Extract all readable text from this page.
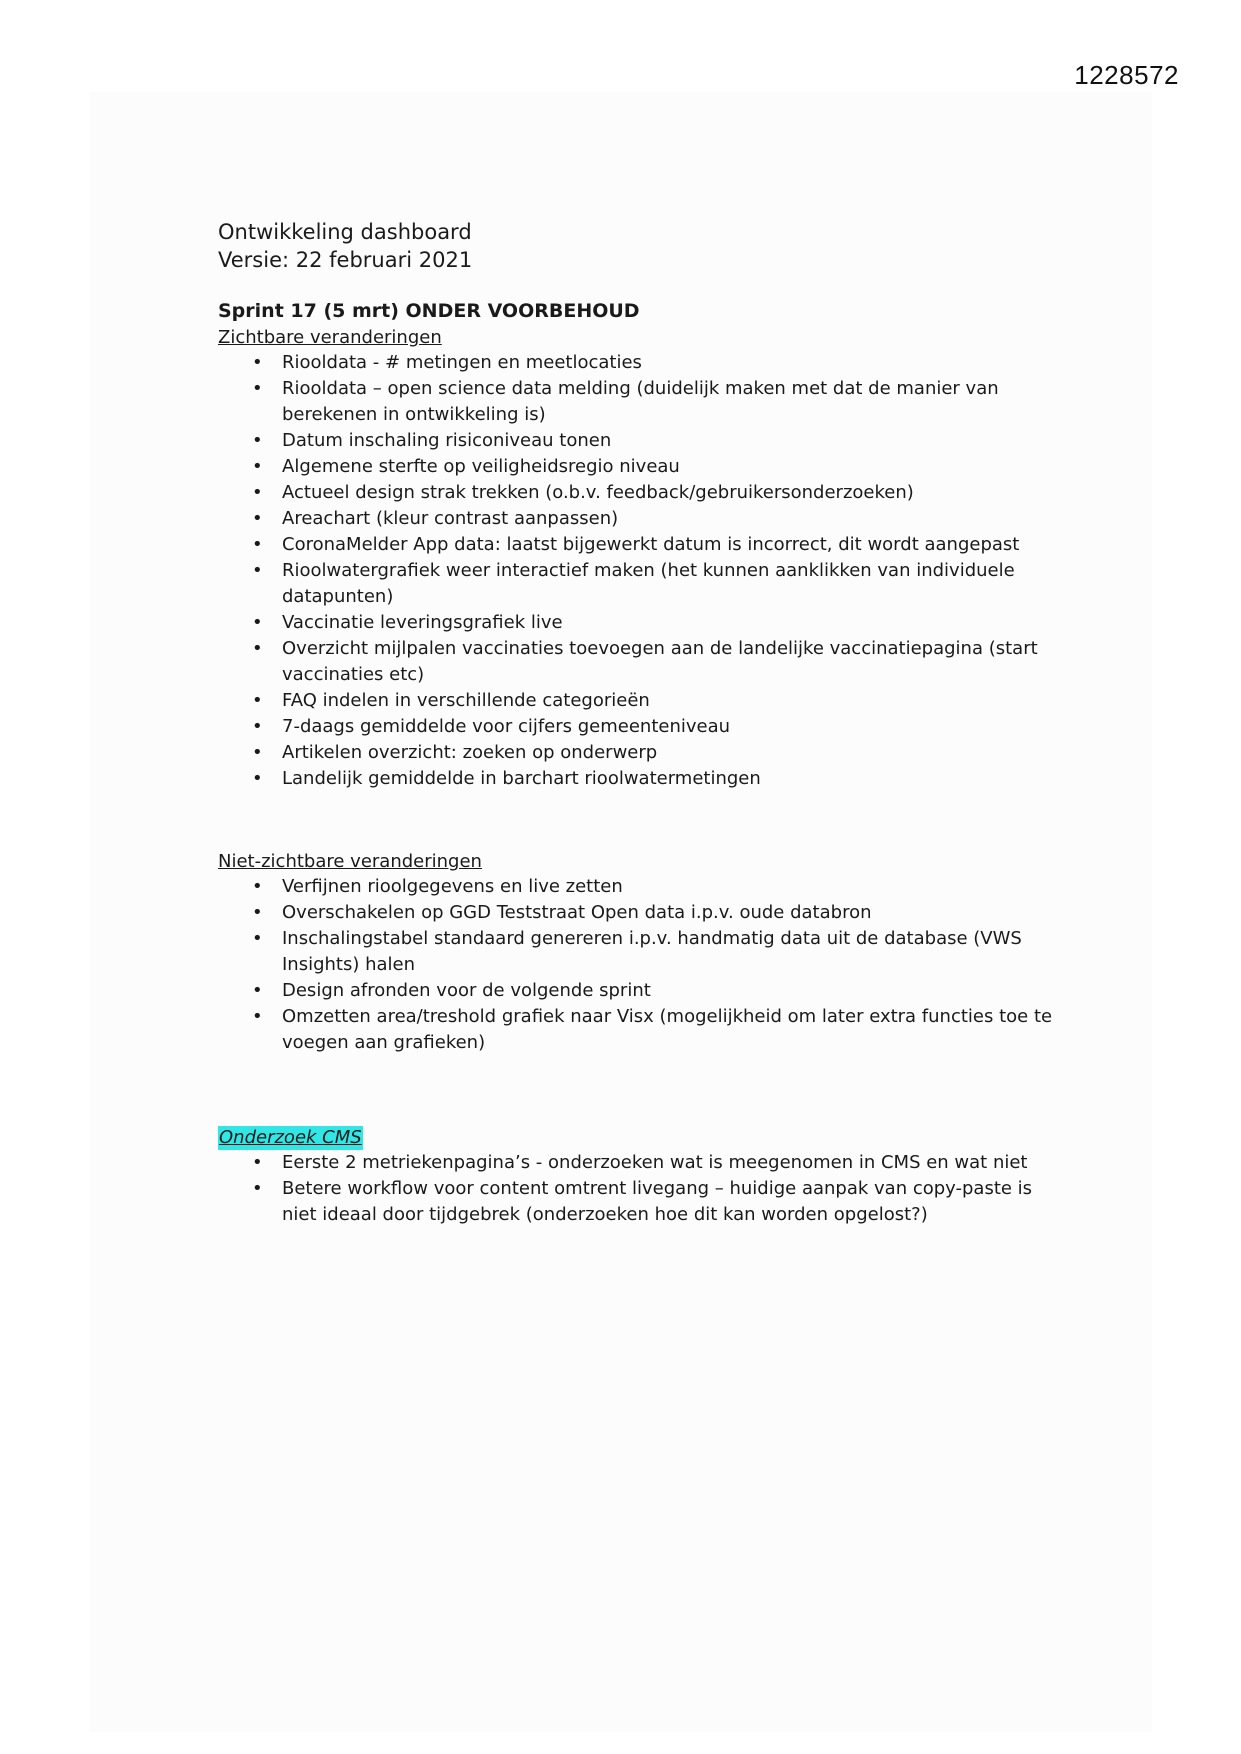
1228572
Ontwikkeling dashboard
Versie: 22 februari 2021
Sprint 17 (5 mrt) ONDER VOORBEHOUD
Zichtbare veranderingen
• Riooldata - # metingen en meetlocaties
• Riooldata – open science data melding (duidelijk maken met dat de manier van berekenen in ontwikkeling is)
• Datum inschaling risiconiveau tonen
• Algemene sterfte op veiligheidsregio niveau
• Actueel design strak trekken (o.b.v. feedback/gebruikersonderzoeken)
• Areachart (kleur contrast aanpassen)
• CoronaMelder App data: laatst bijgewerkt datum is incorrect, dit wordt aangepast
• Rioolwatergrafiek weer interactief maken (het kunnen aanklikken van individuele datapunten)
• Vaccinatie leveringsgrafiek live
• Overzicht mijlpalen vaccinaties toevoegen aan de landelijke vaccinatiepagina (start vaccinaties etc)
• FAQ indelen in verschillende categorieën
• 7-daags gemiddelde voor cijfers gemeenteniveau
• Artikelen overzicht: zoeken op onderwerp
• Landelijk gemiddelde in barchart rioolwatermetingen
Niet-zichtbare veranderingen
• Verfijnen rioolgegevens en live zetten
• Overschakelen op GGD Teststraat Open data i.p.v. oude databron
• Inschalingstabel standaard genereren i.p.v. handmatig data uit de database (VWS Insights) halen
• Design afronden voor de volgende sprint
• Omzetten area/treshold grafiek naar Visx (mogelijkheid om later extra functies toe te voegen aan grafieken)
Onderzoek CMS
• Eerste 2 metriekenpagina’s - onderzoeken wat is meegenomen in CMS en wat niet
• Betere workflow voor content omtrent livegang – huidige aanpak van copy-paste is niet ideaal door tijdgebrek (onderzoeken hoe dit kan worden opgelost?)
